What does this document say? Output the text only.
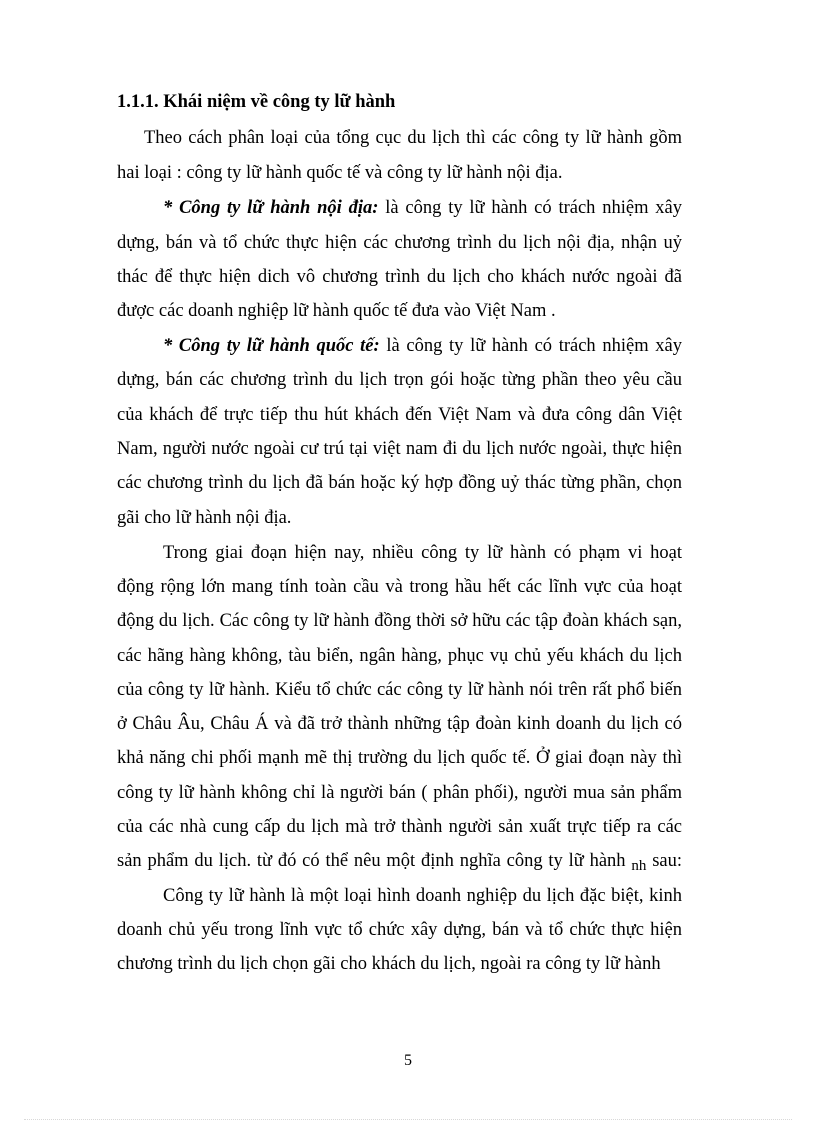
1.1.1. Khái niệm về công ty lữ hành
Theo cách phân loại của tổng cục du lịch thì các công ty lữ hành gồm
hai loại : công ty lữ hành quốc tế và công ty lữ hành nội địa.
* Công ty lữ hành nội địa: là công ty lữ hành có trách nhiệm xây
dựng, bán và tổ chức thực hiện các chương trình du lịch nội địa, nhận uỷ
thác để thực hiện dich vô chương trình du lịch cho khách nước ngoài đã
được các doanh nghiệp lữ hành quốc tế đưa vào Việt Nam .
* Công ty lữ hành quốc tế: là công ty lữ hành có trách nhiệm xây
dựng, bán các chương trình du lịch trọn gói hoặc từng phần theo yêu cầu
của khách để trực tiếp thu hút khách đến Việt Nam và đưa công dân Việt
Nam, người nước ngoài cư trú tại việt nam đi du lịch nước ngoài, thực hiện
các chương trình du lịch đã bán hoặc ký hợp đồng uỷ thác từng phần, chọn
gãi cho lữ hành nội địa.
Trong giai đoạn hiện nay, nhiều công ty lữ hành có phạm vi hoạt
động rộng lớn mang tính toàn cầu và trong hầu hết các lĩnh vực của hoạt
động du lịch. Các công ty lữ hành đồng thời sở hữu các tập đoàn khách sạn,
các hãng hàng không, tàu biển, ngân hàng, phục vụ chủ yếu khách du lịch
của công ty lữ hành. Kiểu tổ chức các công ty lữ hành nói trên rất phổ biến
ở Châu Âu, Châu Á và đã trở thành những tập đoàn kinh doanh du lịch có
khả năng chi phối mạnh mẽ thị trường du lịch quốc tế. Ở giai đoạn này thì
công ty lữ hành không chỉ là người bán ( phân phối), người mua sản phẩm
của các nhà cung cấp du lịch mà trở thành người sản xuất trực tiếp ra các
sản phẩm du lịch. từ đó có thể nêu một định nghĩa công ty lữ hành $_{nh}$ sau:
Công ty lữ hành là một loại hình doanh nghiệp du lịch đặc biệt, kinh
doanh chủ yếu trong lĩnh vực tổ chức xây dựng, bán và tổ chức thực hiện
chương trình du lịch chọn gãi cho khách du lịch, ngoài ra công ty lữ hành
5
